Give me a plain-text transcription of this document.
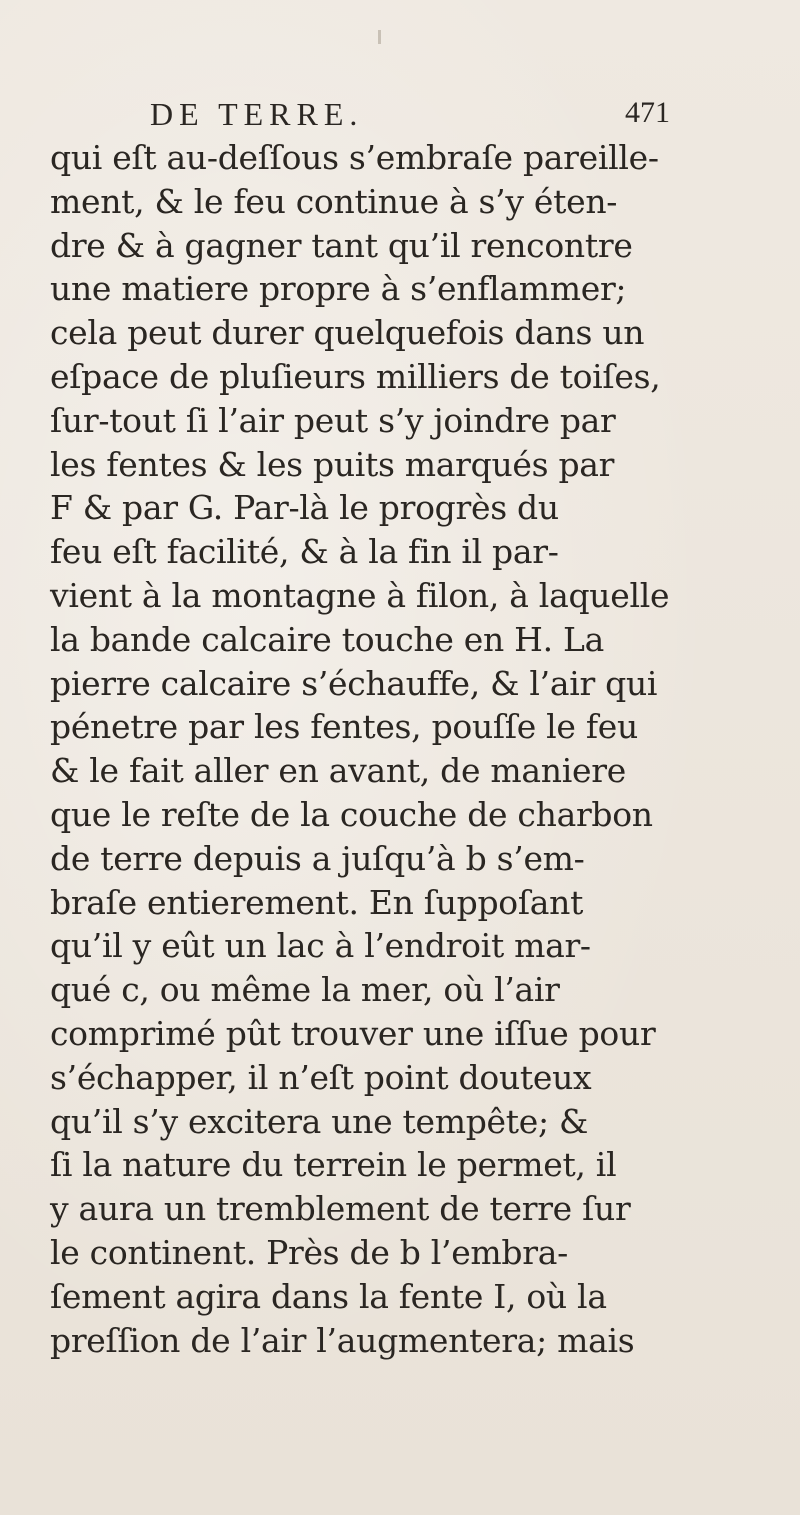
DE TERRE.	471
qui eſt au-deſſous s’embraſe pareille-
ment, & le feu continue à s’y éten-
dre & à gagner tant qu’il rencontre
une matiere propre à s’enflammer;
cela peut durer quelquefois dans un
eſpace de pluſieurs milliers de toiſes,
ſur-tout ſi l’air peut s’y joindre par
les fentes & les puits marqués par
F & par G. Par-là le progrès du
feu eſt facilité, & à la fin il par-
vient à la montagne à filon, à laquelle
la bande calcaire touche en H. La
pierre calcaire s’échauffe, & l’air qui
pénetre par les fentes, pouſſe le feu
& le fait aller en avant, de maniere
que le reſte de la couche de charbon
de terre depuis a juſqu’à b s’em-
braſe entierement. En ſuppoſant
qu’il y eût un lac à l’endroit mar-
qué c, ou même la mer, où l’air
comprimé pût trouver une iſſue pour
s’échapper, il n’eſt point douteux
qu’il s’y excitera une tempête; &
ſi la nature du terrein le permet, il
y aura un tremblement de terre ſur
le continent. Près de b l’embra-
ſement agira dans la fente I, où la
preſſion de l’air l’augmentera; mais
